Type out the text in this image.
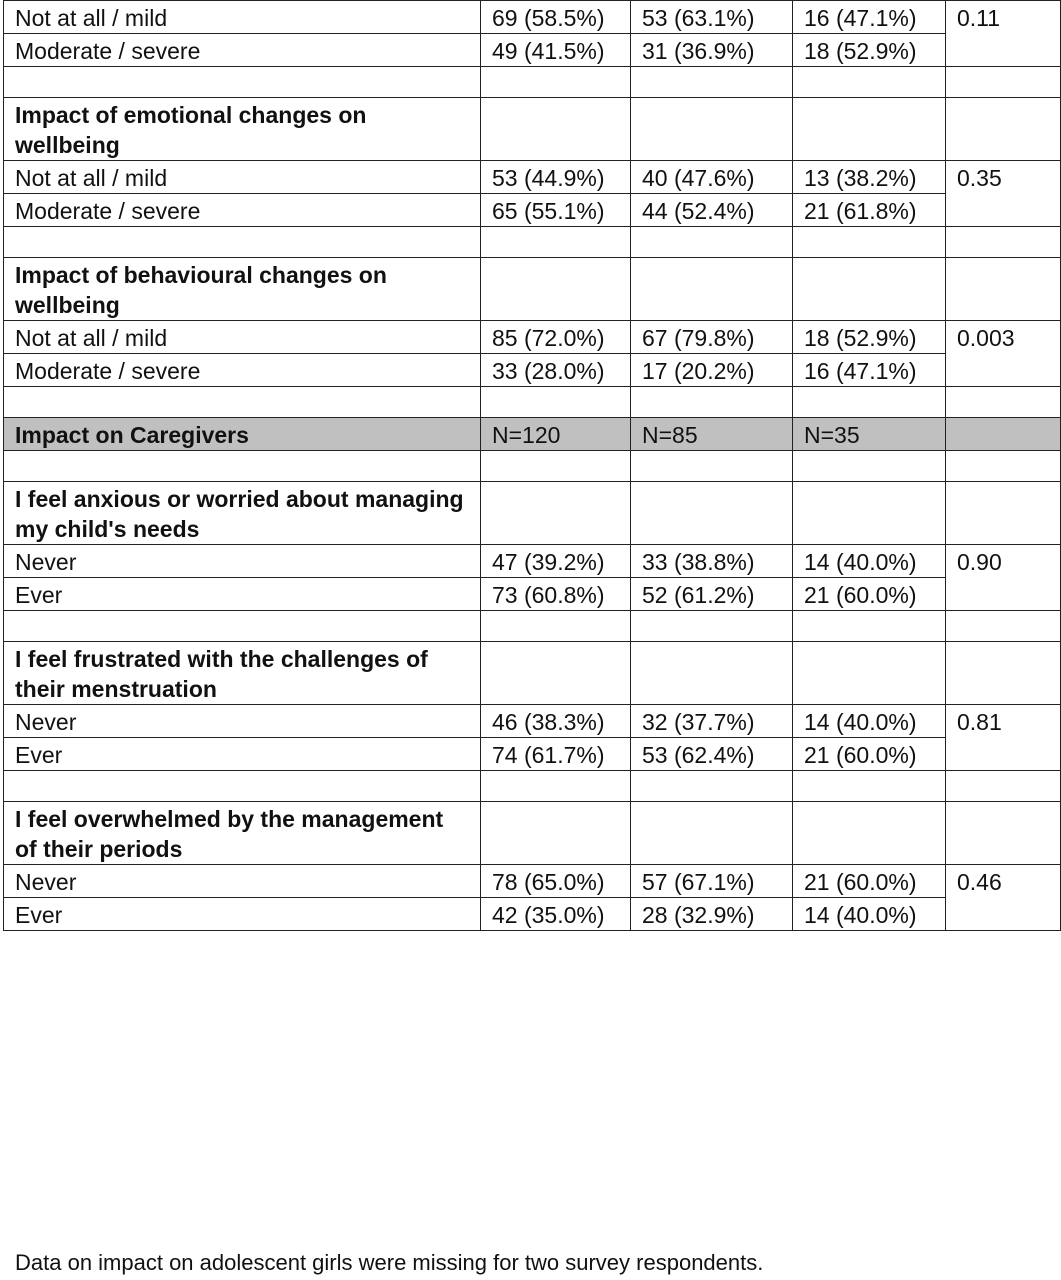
Not at all / mild	69 (58.5%)	53 (63.1%)	16 (47.1%)	0.11
Moderate / severe	49 (41.5%)	31 (36.9%)	18 (52.9%)	

Impact of emotional changes on wellbeing				
Not at all / mild	53 (44.9%)	40 (47.6%)	13 (38.2%)	0.35
Moderate / severe	65 (55.1%)	44 (52.4%)	21 (61.8%)	

Impact of behavioural changes on wellbeing				
Not at all / mild	85 (72.0%)	67 (79.8%)	18 (52.9%)	0.003
Moderate / severe	33 (28.0%)	17 (20.2%)	16 (47.1%)	

Impact on Caregivers	N=120	N=85	N=35	

I feel anxious or worried about managing my child's needs				
Never	47 (39.2%)	33 (38.8%)	14 (40.0%)	0.90
Ever	73 (60.8%)	52 (61.2%)	21 (60.0%)	

I feel frustrated with the challenges of their menstruation				
Never	46 (38.3%)	32 (37.7%)	14 (40.0%)	0.81
Ever	74 (61.7%)	53 (62.4%)	21 (60.0%)	

I feel overwhelmed by the management of their periods				
Never	78 (65.0%)	57 (67.1%)	21 (60.0%)	0.46
Ever	42 (35.0%)	28 (32.9%)	14 (40.0%)	
Data on impact on adolescent girls were missing for two survey respondents.
